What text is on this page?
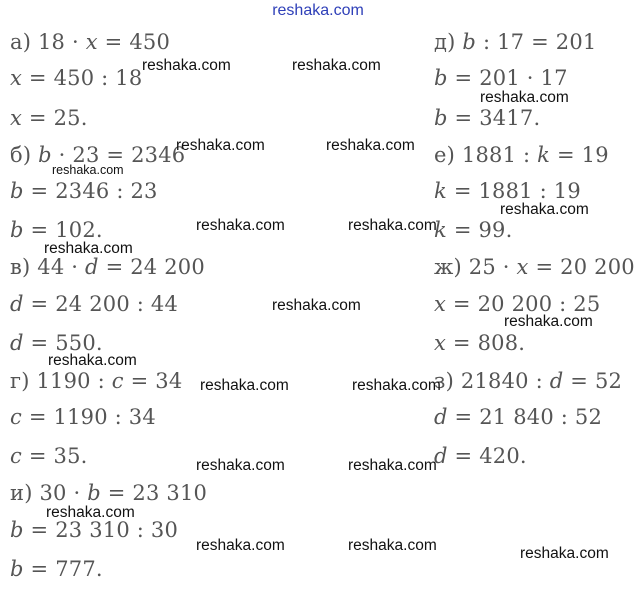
reshaka.com
а) 18 · x = 450
x = 450 : 18
x = 25.
б) b · 23 = 2346
b = 2346 : 23
b = 102.
в) 44 · d = 24 200
d = 24 200 : 44
d = 550.
г) 1190 : c = 34
c = 1190 : 34
c = 35.
и) 30 · b = 23 310
b = 23 310 : 30
b = 777.
д) b : 17 = 201
b = 201 · 17
b = 3417.
е) 1881 : k = 19
k = 1881 : 19
k = 99.
ж) 25 · x = 20 200
x = 20 200 : 25
x = 808.
з) 21840 : d = 52
d = 21 840 : 52
d = 420.
reshaka.com	reshaka.com
reshaka.com
reshaka.com	reshaka.com
reshaka.com
reshaka.com
reshaka.com	reshaka.com
reshaka.com
reshaka.com
reshaka.com
reshaka.com
reshaka.com	reshaka.com
reshaka.com	reshaka.com
reshaka.com
reshaka.com	reshaka.com	reshaka.com
